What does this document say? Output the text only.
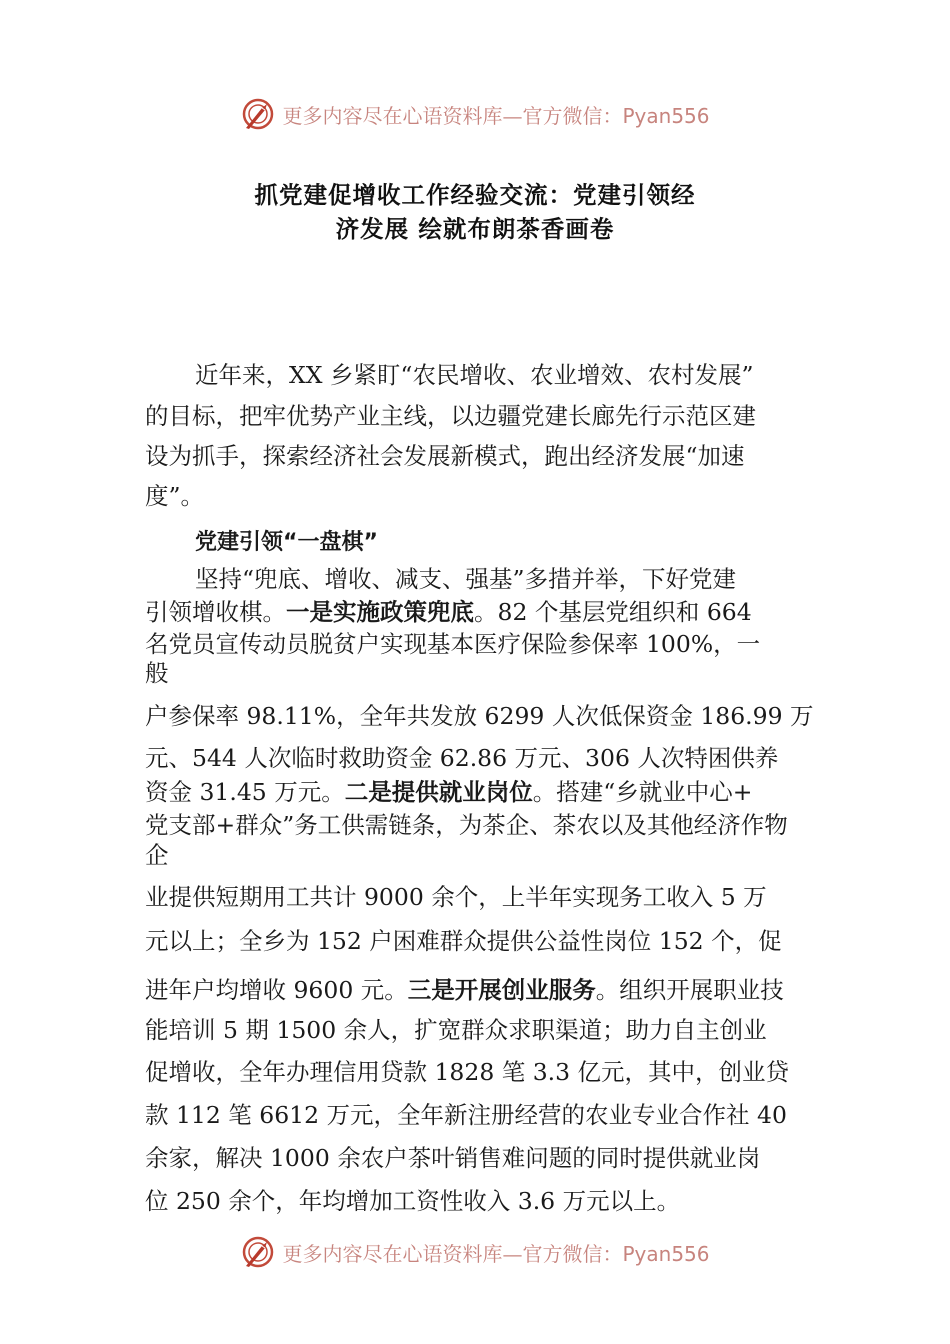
更多内容尽在心语资料库—官方微信：Pyan556
抓党建促增收工作经验交流：党建引领经
济发展 绘就布朗茶香画卷
近年来，XX 乡紧盯“农民增收、农业增效、农村发展”
的目标，把牢优势产业主线，以边疆党建长廊先行示范区建
设为抓手，探索经济社会发展新模式，跑出经济发展“加速
度”。
党建引领“一盘棋”
坚持“兜底、增收、减支、强基”多措并举，下好党建
引领增收棋。一是实施政策兜底。82 个基层党组织和 664
名党员宣传动员脱贫户实现基本医疗保险参保率 100%，一
般
户参保率 98.11%，全年共发放 6299 人次低保资金 186.99 万
元、544 人次临时救助资金 62.86 万元、306 人次特困供养
资金 31.45 万元。二是提供就业岗位。搭建“乡就业中心+
党支部+群众”务工供需链条，为茶企、茶农以及其他经济作物
企
业提供短期用工共计 9000 余个，上半年实现务工收入 5 万
元以上；全乡为 152 户困难群众提供公益性岗位 152 个，促
进年户均增收 9600 元。三是开展创业服务。组织开展职业技
能培训 5 期 1500 余人，扩宽群众求职渠道；助力自主创业
促增收，全年办理信用贷款 1828 笔 3.3 亿元，其中，创业贷
款 112 笔 6612 万元，全年新注册经营的农业专业合作社 40
余家，解决 1000 余农户茶叶销售难问题的同时提供就业岗
位 250 余个，年均增加工资性收入 3.6 万元以上。
更多内容尽在心语资料库—官方微信：Pyan556
